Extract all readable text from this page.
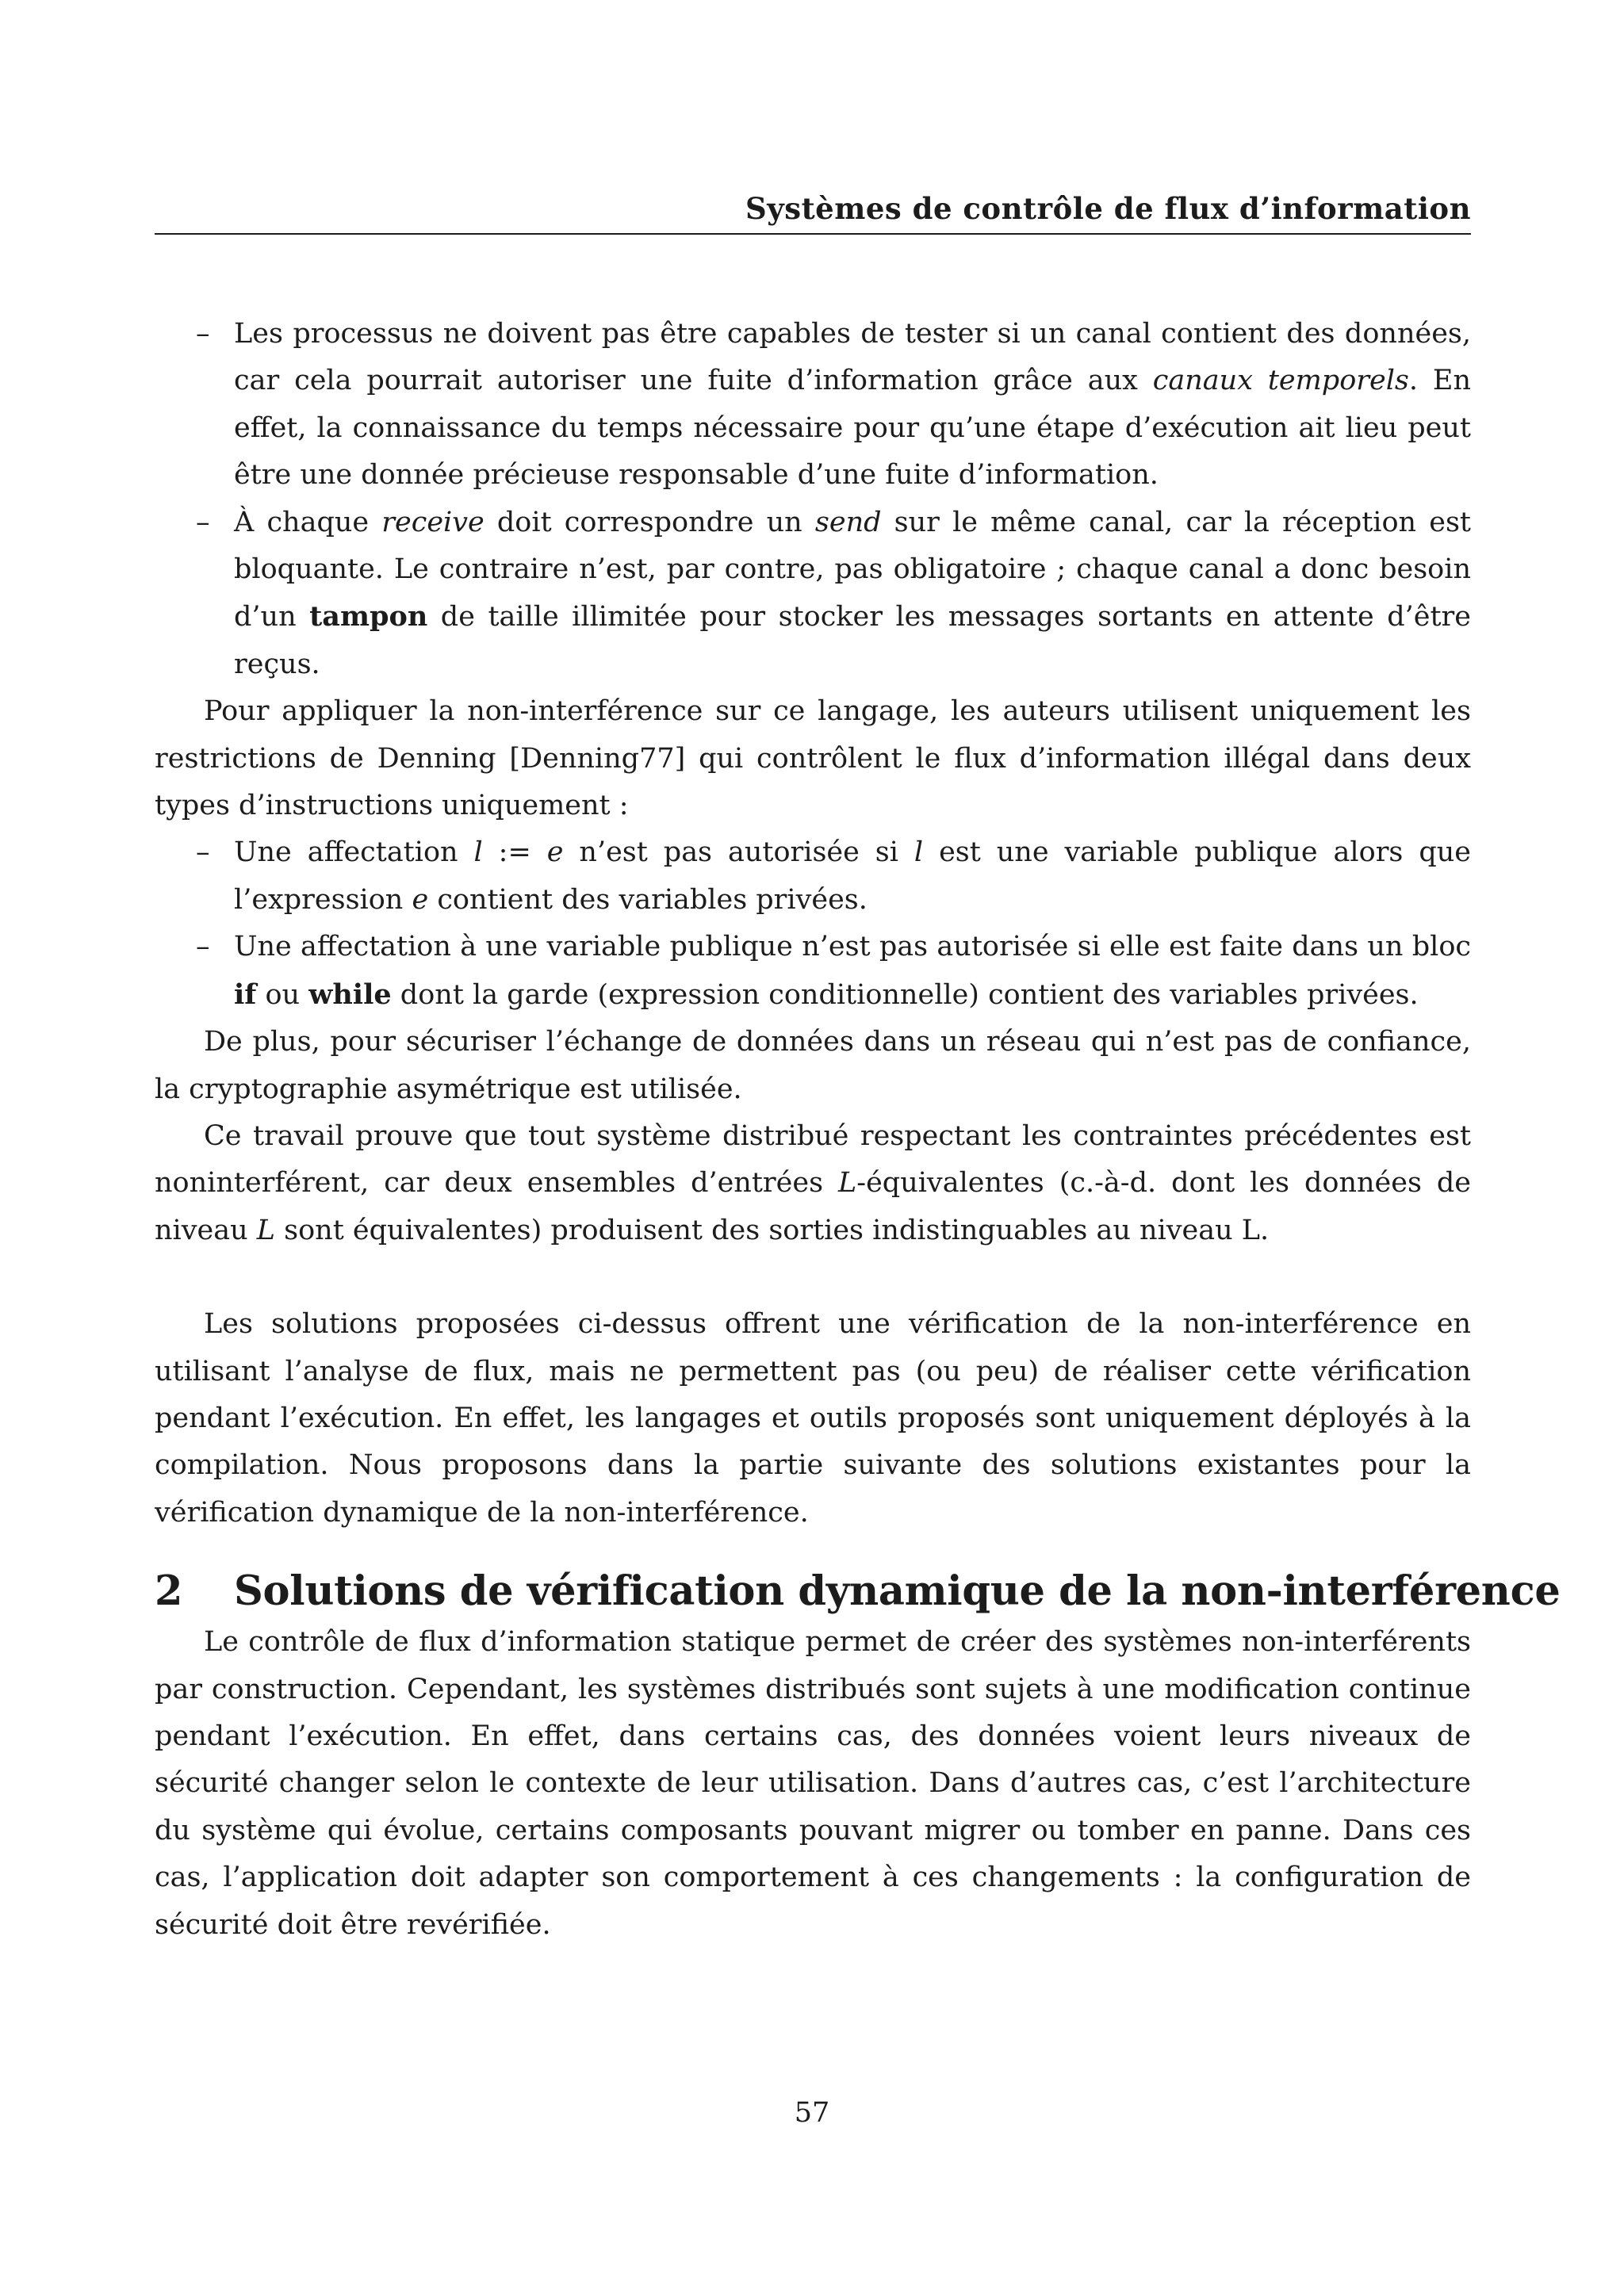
Systèmes de contrôle de flux d’information
– Les processus ne doivent pas être capables de tester si un canal contient des données, car cela pourrait autoriser une fuite d’information grâce aux canaux temporels. En effet, la connaissance du temps nécessaire pour qu’une étape d’exécution ait lieu peut être une donnée précieuse responsable d’une fuite d’information.
– À chaque receive doit correspondre un send sur le même canal, car la réception est bloquante. Le contraire n’est, par contre, pas obligatoire ; chaque canal a donc besoin d’un tampon de taille illimitée pour stocker les messages sortants en attente d’être reçus.

Pour appliquer la non-interférence sur ce langage, les auteurs utilisent uniquement les restrictions de Denning [Denning77] qui contrôlent le flux d’information illégal dans deux types d’instructions uniquement :

– Une affectation l := e n’est pas autorisée si l est une variable publique alors que l’expression e contient des variables privées.
– Une affectation à une variable publique n’est pas autorisée si elle est faite dans un bloc if ou while dont la garde (expression conditionnelle) contient des variables privées.

De plus, pour sécuriser l’échange de données dans un réseau qui n’est pas de confiance, la cryptographie asymétrique est utilisée.

Ce travail prouve que tout système distribué respectant les contraintes précédentes est noninterférent, car deux ensembles d’entrées L-équivalentes (c.-à-d. dont les données de niveau L sont équivalentes) produisent des sorties indistinguables au niveau L.

Les solutions proposées ci-dessus offrent une vérification de la non-interférence en utilisant l’analyse de flux, mais ne permettent pas (ou peu) de réaliser cette vérification pendant l’exécution. En effet, les langages et outils proposés sont uniquement déployés à la compilation. Nous proposons dans la partie suivante des solutions existantes pour la vérification dynamique de la non-interférence.

2 Solutions de vérification dynamique de la non-interférence

Le contrôle de flux d’information statique permet de créer des systèmes non-interférents par construction. Cependant, les systèmes distribués sont sujets à une modification continue pendant l’exécution. En effet, dans certains cas, des données voient leurs niveaux de sécurité changer selon le contexte de leur utilisation. Dans d’autres cas, c’est l’architecture du système qui évolue, certains composants pouvant migrer ou tomber en panne. Dans ces cas, l’application doit adapter son comportement à ces changements : la configuration de sécurité doit être revérifiée.

57
